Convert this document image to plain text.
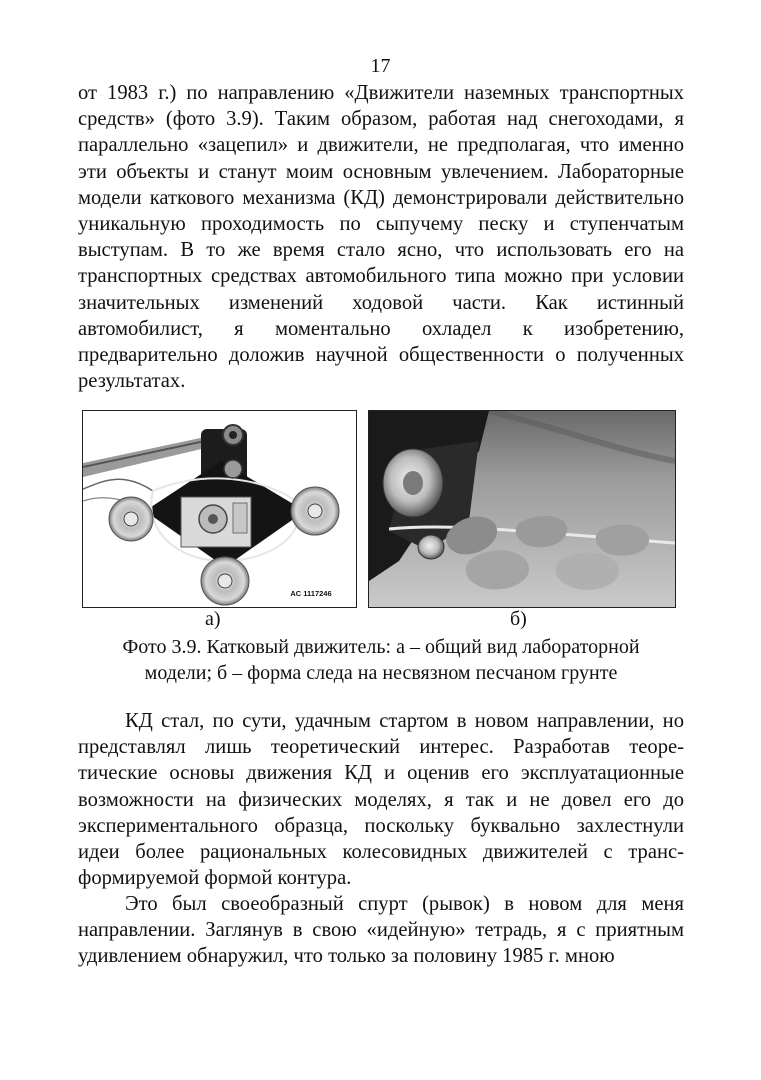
17

от 1983 г.) по направлению «Движители наземных транспортных средств» (фото 3.9). Таким образом, работая над снегоходами, я параллельно «зацепил» и движители, не предполагая, что именно эти объекты и станут моим основным увлечением. Лабораторные модели каткового механизма (КД) демонстрировали действительно уникальную проходимость по сыпучему песку и ступенчатым выступам. В то же время стало ясно, что использовать его на транспортных средствах автомобильного типа можно при условии значительных изменений ходовой части. Как истинный автомобилист, я моментально охладел к изобретению, предварительно доложив научной общественности о полученных результатах.

AC 1117246
а)	б)
Фото 3.9. Катковый движитель: а – общий вид лабораторной
модели; б – форма следа на несвязном песчаном грунте

КД стал, по сути, удачным стартом в новом направлении, но представлял лишь теоретический интерес. Разработав теоретические основы движения КД и оценив его эксплуатационные возможности на физических моделях, я так и не довел его до экспериментального образца, поскольку буквально захлестнули идеи более рациональных колесовидных движителей с трансформируемой формой контура.

Это был своеобразный спурт (рывок) в новом для меня направлении. Заглянув в свою «идейную» тетрадь, я с приятным удивлением обнаружил, что только за половину 1985 г. мною
